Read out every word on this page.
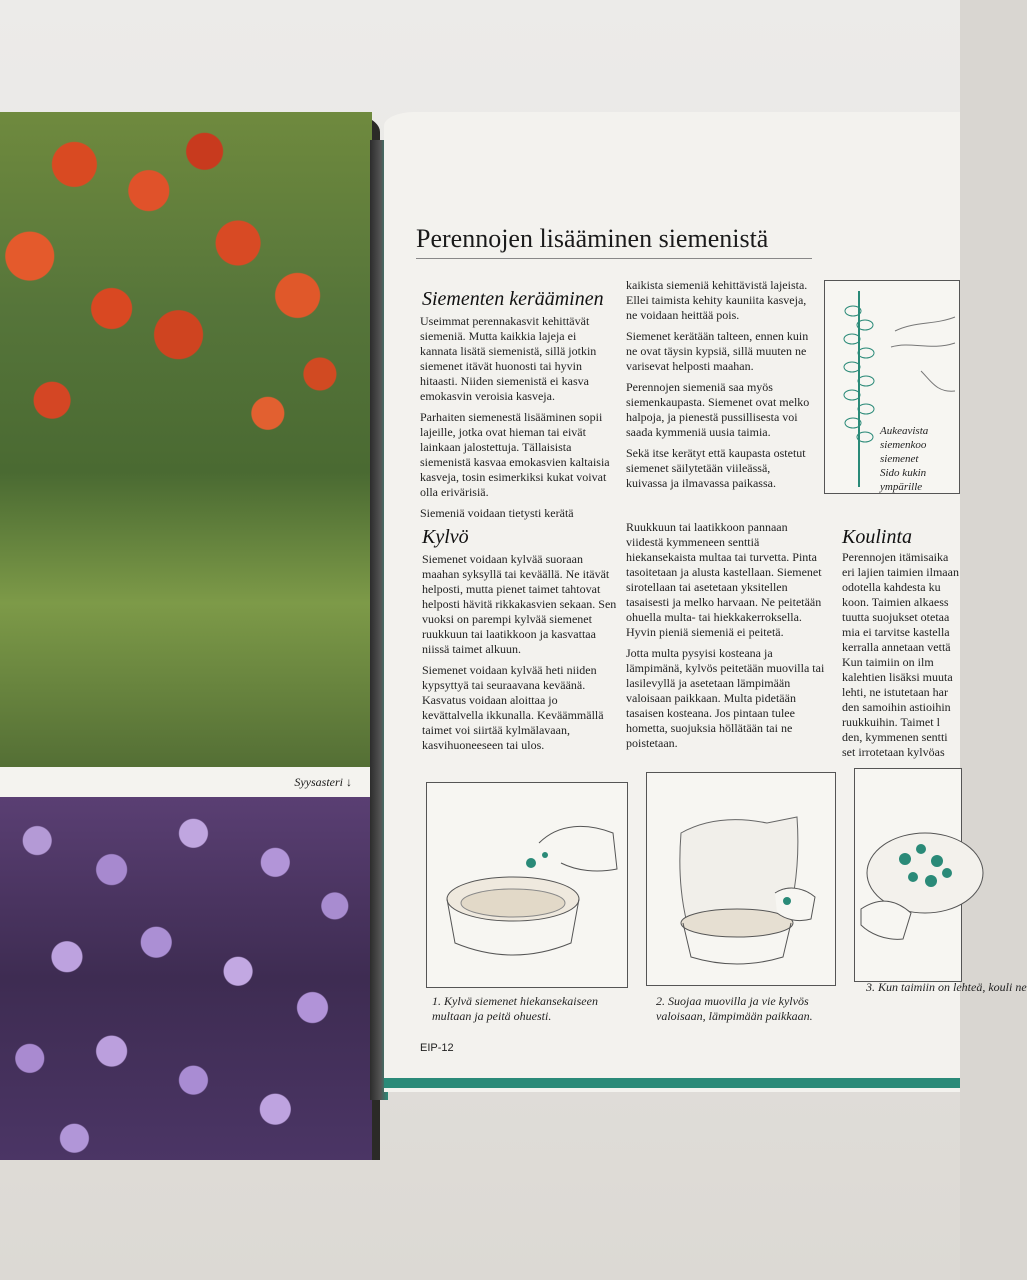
Syysasteri ↓
Perennojen lisääminen siemenistä
Siementen kerääminen

Useimmat perennakasvit kehittävät siemeniä. Mutta kaikkia lajeja ei kannata lisätä siemenistä, sillä jotkin siemenet itävät huonosti tai hyvin hitaasti. Niiden siemenistä ei kasva emokasvin veroisia kasveja.

Parhaiten siemenestä lisääminen sopii lajeille, jotka ovat hieman tai eivät lainkaan jalostettuja. Tällaisista siemenistä kasvaa emokasvien kaltaisia kasveja, tosin esimerkiksi kukat voivat olla erivärisiä.

Siemeniä voidaan tietysti kerätä

kaikista siemeniä kehittävistä lajeista. Ellei taimista kehity kauniita kasveja, ne voidaan heittää pois.

Siemenet kerätään talteen, ennen kuin ne ovat täysin kypsiä, sillä muuten ne varisevat helposti maahan.

Perennojen siemeniä saa myös siemenkaupasta. Siemenet ovat melko halpoja, ja pienestä pussillisesta voi saada kymmeniä uusia taimia.

Sekä itse kerätyt että kaupasta ostetut siemenet säilytetään viileässä, kuivassa ja ilmavassa paikassa.

Aukeavista
siemenkoo
siemenet
Sido kukin
ympärille
Kylvö

Siemenet voidaan kylvää suoraan maahan syksyllä tai keväällä. Ne itävät helposti, mutta pienet taimet tahtovat helposti hävitä rikkakasvien sekaan. Sen vuoksi on parempi kylvää siemenet ruukkuun tai laatikkoon ja kasvattaa niissä taimet alkuun.

Siemenet voidaan kylvää heti niiden kypsyttyä tai seuraavana keväänä. Kasvatus voidaan aloittaa jo kevättalvella ikkunalla. Keväämmällä taimet voi siirtää kylmälavaan, kasvihuoneeseen tai ulos.

Ruukkuun tai laatikkoon pannaan viidestä kymmeneen senttiä hiekansekaista multaa tai turvetta. Pinta tasoitetaan ja alusta kastellaan. Siemenet sirotellaan tai asetetaan yksitellen tasaisesti ja melko harvaan. Ne peitetään ohuella multa- tai hiekkakerroksella. Hyvin pieniä siemeniä ei peitetä.

Jotta multa pysyisi kosteana ja lämpimänä, kylvös peitetään muovilla tai lasilevyllä ja asetetaan lämpimään valoisaan paikkaan. Multa pidetään tasaisen kosteana. Jos pintaan tulee hometta, suojuksia höllätään tai ne poistetaan.

Koulinta
Perennojen itämisaika
eri lajien taimien ilmaan
odotella kahdesta ku
koon. Taimien alkaess
tuutta suojukset otetaa
mia ei tarvitse kastella
kerralla annetaan vettä
Kun taimiin on ilm
kalehtien lisäksi muuta
lehti, ne istutetaan har
den samoihin astioihin
ruukkuihin. Taimet l
den, kymmenen sentti
set irrotetaan kylvöas
1. Kylvä siemenet hiekansekaiseen multaan ja peitä ohuesti.
2. Suojaa muovilla ja vie kylvös valoisaan, lämpimään paikkaan.
3. Kun taimiin on lehteä, kouli ne
EIP-12
